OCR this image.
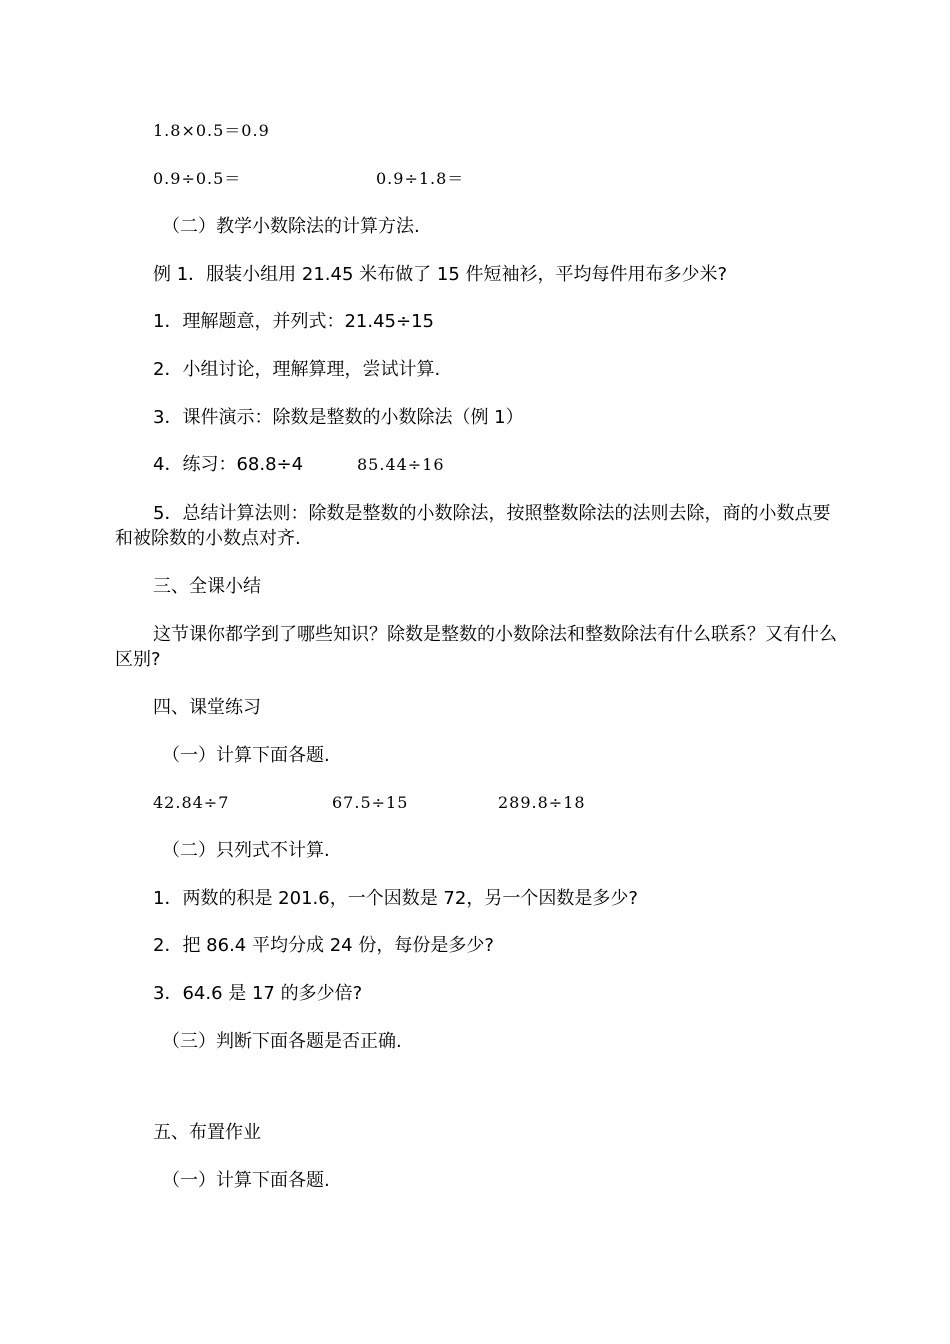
1.8×0.5＝0.9
0.9÷0.5＝	0.9÷1.8＝
（二）教学小数除法的计算方法.
例 1．服装小组用 21.45 米布做了 15 件短袖衫，平均每件用布多少米?
1．理解题意，并列式：21.45÷15
2．小组讨论，理解算理，尝试计算.
3．课件演示：除数是整数的小数除法（例 1）
4．练习：68.8÷4	85.44÷16
5．总结计算法则：除数是整数的小数除法，按照整数除法的法则去除，商的小数点要和被除数的小数点对齐.
三、全课小结
这节课你都学到了哪些知识？除数是整数的小数除法和整数除法有什么联系？又有什么区别?
四、课堂练习
（一）计算下面各题.
42.84÷7	67.5÷15	289.8÷18
（二）只列式不计算.
1．两数的积是 201.6，一个因数是 72，另一个因数是多少?
2．把 86.4 平均分成 24 份，每份是多少?
3．64.6 是 17 的多少倍?
（三）判断下面各题是否正确.
五、布置作业
（一）计算下面各题.
